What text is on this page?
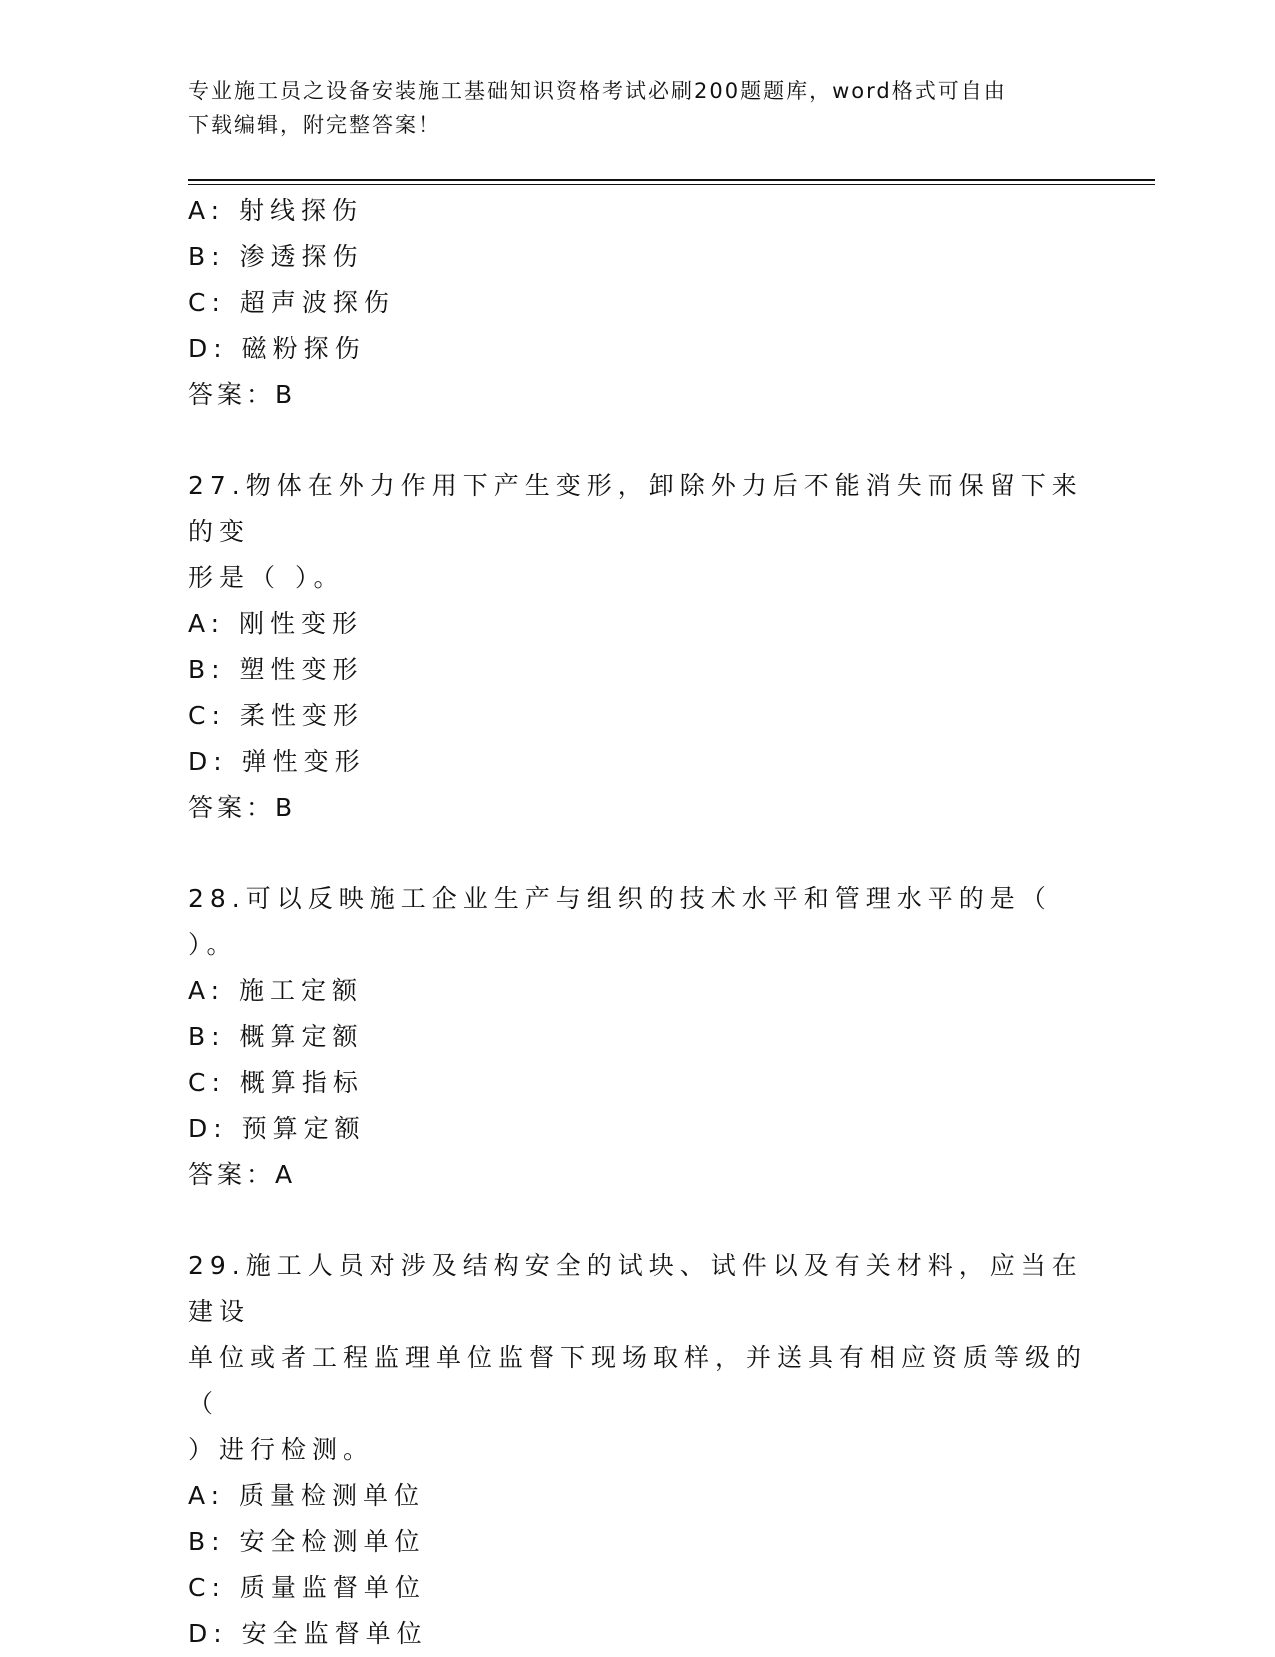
专业施工员之设备安装施工基础知识资格考试必刷200题题库，word格式可自由
下载编辑，附完整答案！
A: 射线探伤
B: 渗透探伤
C: 超声波探伤
D: 磁粉探伤
答案：B
27.物体在外力作用下产生变形，卸除外力后不能消失而保留下来的变
形是（ ）。
A: 刚性变形
B: 塑性变形
C: 柔性变形
D: 弹性变形
答案：B
28.可以反映施工企业生产与组织的技术水平和管理水平的是（ ）。
A: 施工定额
B: 概算定额
C: 概算指标
D: 预算定额
答案：A
29.施工人员对涉及结构安全的试块、试件以及有关材料，应当在建设
单位或者工程监理单位监督下现场取样，并送具有相应资质等级的（
）进行检测。
A: 质量检测单位
B: 安全检测单位
C: 质量监督单位
D: 安全监督单位
